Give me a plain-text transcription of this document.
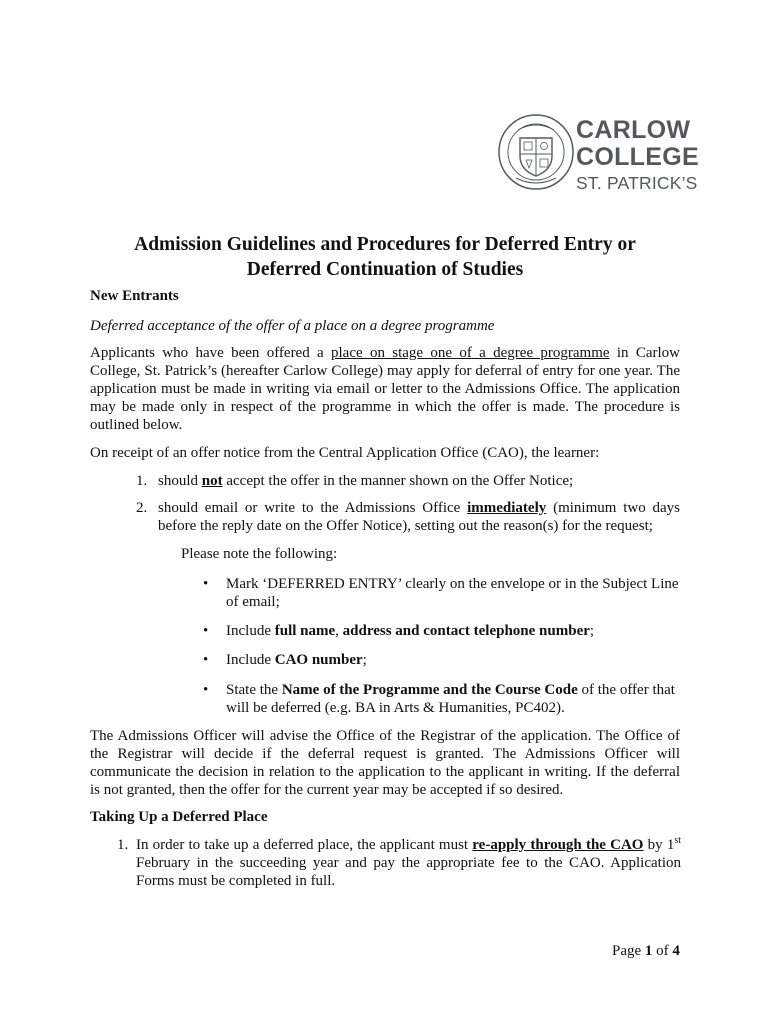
CARLOW
COLLEGE
ST. PATRICK’S
Admission Guidelines and Procedures for Deferred Entry or
Deferred Continuation of Studies

New Entrants

Deferred acceptance of the offer of a place on a degree programme

Applicants who have been offered a place on stage one of a degree programme in Carlow College, St. Patrick’s (hereafter Carlow College) may apply for deferral of entry for one year. The application must be made in writing via email or letter to the Admissions Office. The application may be made only in respect of the programme in which the offer is made. The procedure is outlined below.

On receipt of an offer notice from the Central Application Office (CAO), the learner:

1. should not accept the offer in the manner shown on the Offer Notice;
2. should email or write to the Admissions Office immediately (minimum two days before the reply date on the Offer Notice), setting out the reason(s) for the request;

Please note the following:

• Mark ‘DEFERRED ENTRY’ clearly on the envelope or in the Subject Line of email;

• Include full name, address and contact telephone number;

• Include CAO number;

• State the Name of the Programme and the Course Code of the offer that will be deferred (e.g. BA in Arts & Humanities, PC402).

The Admissions Officer will advise the Office of the Registrar of the application. The Office of the Registrar will decide if the deferral request is granted. The Admissions Officer will communicate the decision in relation to the application to the applicant in writing. If the deferral is not granted, then the offer for the current year may be accepted if so desired.

Taking Up a Deferred Place

1. In order to take up a deferred place, the applicant must re-apply through the CAO by 1st February in the succeeding year and pay the appropriate fee to the CAO. Application Forms must be completed in full.
Page 1 of 4
